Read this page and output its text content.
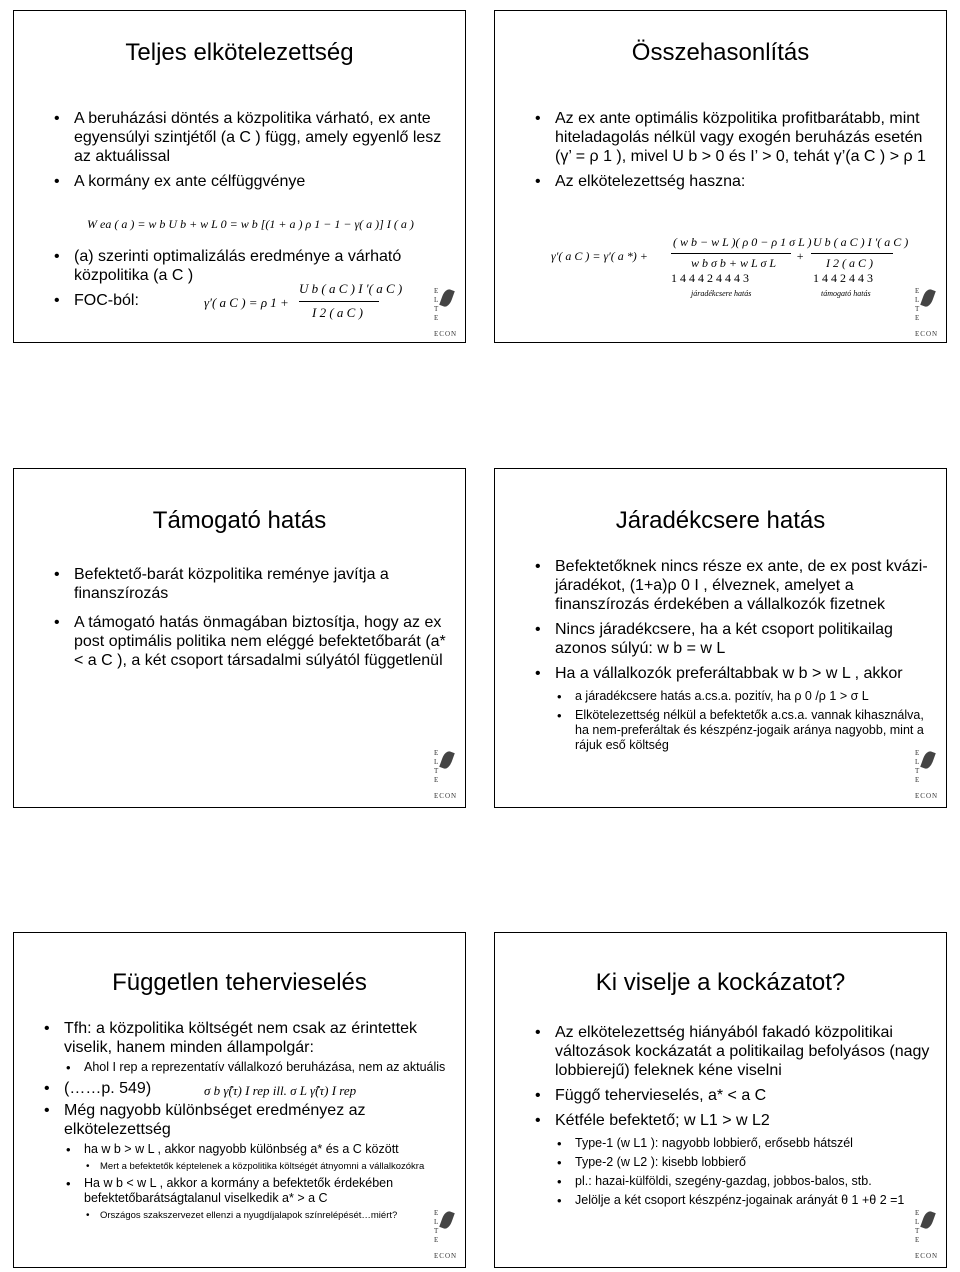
Teljes elkötelezettség
• A beruházási döntés a közpolitika várható, ex ante egyensúlyi szintjétől (a C ) függ, amely egyenlő lesz az aktuálissal
• A kormány ex ante célfüggvénye
W ea ( a ) = w b U b + w L 0 = w b [(1 + a ) ρ 1 − 1 − γ( a )] I ( a )
• (a) szerinti optimalizálás eredménye a várható közpolitika (a C )
• FOC-ból:	γ′( a C ) = ρ 1 +
U b ( a C ) I ′( a C )
I 2 ( a C )
E L T E
ECON
Összehasonlítás
• Az ex ante optimális közpolitika profitbarátabb, mint hiteladagolás nélkül vagy exogén beruházás esetén (γ’ = ρ 1 ), mivel U b > 0 és I’ > 0, tehát γ’(a C ) > ρ 1
• Az elkötelezettség haszna:
γ′( a C ) = γ′( a *) +
( w b − w L )( ρ 0 − ρ 1 σ L )
w b σ b + w L σ L +
U b ( a C ) I ′( a C )
I 2 ( a C )
1 4 4 4 2 4 4 4 3	1 4 4 2 4 4 3
járadékcsere hatás	támogató hatás	E L T E
ECON
Támogató hatás
• Befektető-barát közpolitika reménye javítja a finanszírozás
• A támogató hatás önmagában biztosítja, hogy az ex post optimális politika nem eléggé befektetőbarát (a* < a C ), a két csoport társadalmi súlyától függetlenül
E L T E
ECON
Járadékcsere hatás
• Befektetőknek nincs része ex ante, de ex post kvázi-járadékot, (1+a)ρ 0 I , élveznek, amelyet a finanszírozás érdekében a vállalkozók fizetnek
• Nincs járadékcsere, ha a két csoport politikailag azonos súlyú: w b = w L
• Ha a vállalkozók preferáltabbak w b > w L , akkor
• a járadékcsere hatás a.cs.a. pozitív, ha ρ 0 /ρ 1 > σ L
• Elkötelezettség nélkül a befektetők a.cs.a. vannak kihasználva, ha nem-preferáltak és készpénz-jogaik aránya nagyobb, mint a rájuk eső költség
E L T E
ECON
Független tehervieselés
• Tfh: a közpolitika költségét nem csak az érintettek viselik, hanem minden állampolgár:
• Ahol I rep a reprezentatív vállalkozó beruházása, nem az aktuális
• (……p. 549)
• Még nagyobb különbséget eredményez az elkötelezettség
• ha w b > w L , akkor nagyobb különbség a* és a C között
• Mert a befektetők képtelenek a közpolitika költségét átnyomni a vállalkozókra
• Ha w b < w L , akkor a kormány a befektetők érdekében befektetőbarátságtalanul viselkedik a* > a C
• Országos szakszervezet ellenzi a nyugdíjalapok színrelépését…miért?
σ b γ̂(τ) I rep ill. σ L γ̂(τ) I rep
E L T E
ECON
Ki viselje a kockázatot?
• Az elkötelezettség hiányából fakadó közpolitikai változások kockázatát a politikailag befolyásos (nagy lobbierejű) feleknek kéne viselni
• Függő tehervieselés, a* < a C
• Kétféle befektető; w L1 > w L2
• Type-1 (w L1 ): nagyobb lobbierő, erősebb hátszél
• Type-2 (w L2 ): kisebb lobbierő
• pl.: hazai-külföldi, szegény-gazdag, jobbos-balos, stb.
• Jelölje a két csoport készpénz-jogainak arányát θ 1 +θ 2 =1
E L T E
ECON
